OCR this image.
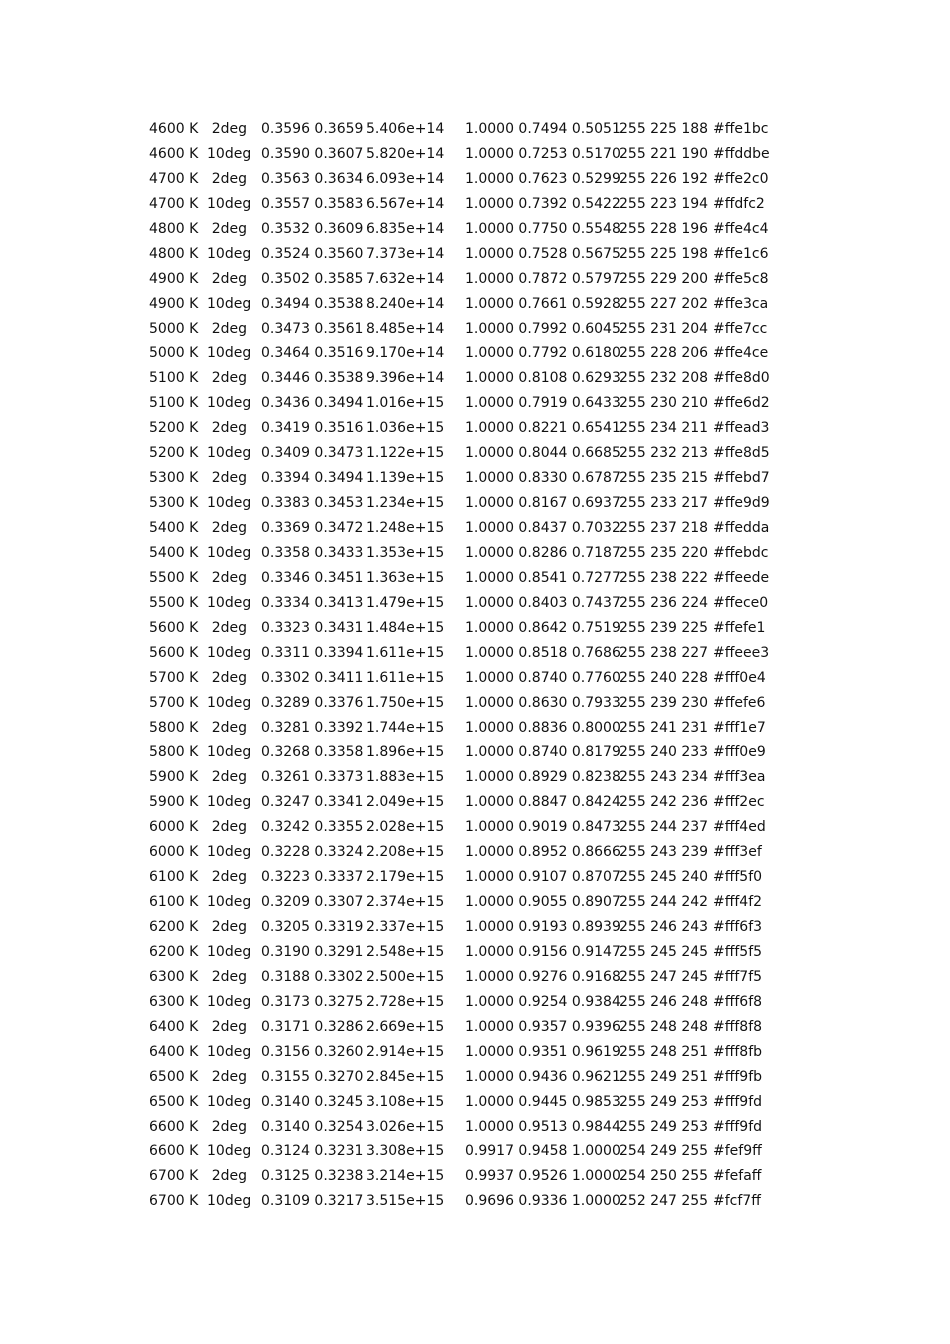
4600 K 2deg 0.3596 0.3659 5.406e+14 1.0000 0.7494 0.5051
255 225 188 #ffe1bc
4600 K 10deg 0.3590 0.3607 5.820e+14 1.0000 0.7253 0.5170
255 221 190 #ffddbe
4700 K 2deg 0.3563 0.3634 6.093e+14 1.0000 0.7623 0.5299
255 226 192 #ffe2c0
4700 K 10deg 0.3557 0.3583 6.567e+14 1.0000 0.7392 0.5422
255 223 194 #ffdfc2
4800 K 2deg 0.3532 0.3609 6.835e+14 1.0000 0.7750 0.5548
255 228 196 #ffe4c4
4800 K 10deg 0.3524 0.3560 7.373e+14 1.0000 0.7528 0.5675
255 225 198 #ffe1c6
4900 K 2deg 0.3502 0.3585 7.632e+14 1.0000 0.7872 0.5797
255 229 200 #ffe5c8
4900 K 10deg 0.3494 0.3538 8.240e+14 1.0000 0.7661 0.5928
255 227 202 #ffe3ca
5000 K 2deg 0.3473 0.3561 8.485e+14 1.0000 0.7992 0.6045
255 231 204 #ffe7cc
5000 K 10deg 0.3464 0.3516 9.170e+14 1.0000 0.7792 0.6180
255 228 206 #ffe4ce
5100 K 2deg 0.3446 0.3538 9.396e+14 1.0000 0.8108 0.6293
255 232 208 #ffe8d0
5100 K 10deg 0.3436 0.3494 1.016e+15 1.0000 0.7919 0.6433
255 230 210 #ffe6d2
5200 K 2deg 0.3419 0.3516 1.036e+15 1.0000 0.8221 0.6541
255 234 211 #ffead3
5200 K 10deg 0.3409 0.3473 1.122e+15 1.0000 0.8044 0.6685
255 232 213 #ffe8d5
5300 K 2deg 0.3394 0.3494 1.139e+15 1.0000 0.8330 0.6787
255 235 215 #ffebd7
5300 K 10deg 0.3383 0.3453 1.234e+15 1.0000 0.8167 0.6937
255 233 217 #ffe9d9
5400 K 2deg 0.3369 0.3472 1.248e+15 1.0000 0.8437 0.7032
255 237 218 #ffedda
5400 K 10deg 0.3358 0.3433 1.353e+15 1.0000 0.8286 0.7187
255 235 220 #ffebdc
5500 K 2deg 0.3346 0.3451 1.363e+15 1.0000 0.8541 0.7277
255 238 222 #ffeede
5500 K 10deg 0.3334 0.3413 1.479e+15 1.0000 0.8403 0.7437
255 236 224 #ffece0
5600 K 2deg 0.3323 0.3431 1.484e+15 1.0000 0.8642 0.7519
255 239 225 #ffefe1
5600 K 10deg 0.3311 0.3394 1.611e+15 1.0000 0.8518 0.7686
255 238 227 #ffeee3
5700 K 2deg 0.3302 0.3411 1.611e+15 1.0000 0.8740 0.7760
255 240 228 #fff0e4
5700 K 10deg 0.3289 0.3376 1.750e+15 1.0000 0.8630 0.7933
255 239 230 #ffefe6
5800 K 2deg 0.3281 0.3392 1.744e+15 1.0000 0.8836 0.8000
255 241 231 #fff1e7
5800 K 10deg 0.3268 0.3358 1.896e+15 1.0000 0.8740 0.8179
255 240 233 #fff0e9
5900 K 2deg 0.3261 0.3373 1.883e+15 1.0000 0.8929 0.8238
255 243 234 #fff3ea
5900 K 10deg 0.3247 0.3341 2.049e+15 1.0000 0.8847 0.8424
255 242 236 #fff2ec
6000 K 2deg 0.3242 0.3355 2.028e+15 1.0000 0.9019 0.8473
255 244 237 #fff4ed
6000 K 10deg 0.3228 0.3324 2.208e+15 1.0000 0.8952 0.8666
255 243 239 #fff3ef
6100 K 2deg 0.3223 0.3337 2.179e+15 1.0000 0.9107 0.8707
255 245 240 #fff5f0
6100 K 10deg 0.3209 0.3307 2.374e+15 1.0000 0.9055 0.8907
255 244 242 #fff4f2
6200 K 2deg 0.3205 0.3319 2.337e+15 1.0000 0.9193 0.8939
255 246 243 #fff6f3
6200 K 10deg 0.3190 0.3291 2.548e+15 1.0000 0.9156 0.9147
255 245 245 #fff5f5
6300 K 2deg 0.3188 0.3302 2.500e+15 1.0000 0.9276 0.9168
255 247 245 #fff7f5
6300 K 10deg 0.3173 0.3275 2.728e+15 1.0000 0.9254 0.9384
255 246 248 #fff6f8
6400 K 2deg 0.3171 0.3286 2.669e+15 1.0000 0.9357 0.9396
255 248 248 #fff8f8
6400 K 10deg 0.3156 0.3260 2.914e+15 1.0000 0.9351 0.9619
255 248 251 #fff8fb
6500 K 2deg 0.3155 0.3270 2.845e+15 1.0000 0.9436 0.9621
255 249 251 #fff9fb
6500 K 10deg 0.3140 0.3245 3.108e+15 1.0000 0.9445 0.9853
255 249 253 #fff9fd
6600 K 2deg 0.3140 0.3254 3.026e+15 1.0000 0.9513 0.9844
255 249 253 #fff9fd
6600 K 10deg 0.3124 0.3231 3.308e+15 0.9917 0.9458 1.0000
254 249 255 #fef9ff
6700 K 2deg 0.3125 0.3238 3.214e+15 0.9937 0.9526 1.0000
254 250 255 #fefaff
6700 K 10deg 0.3109 0.3217 3.515e+15 0.9696 0.9336 1.0000
252 247 255 #fcf7ff
